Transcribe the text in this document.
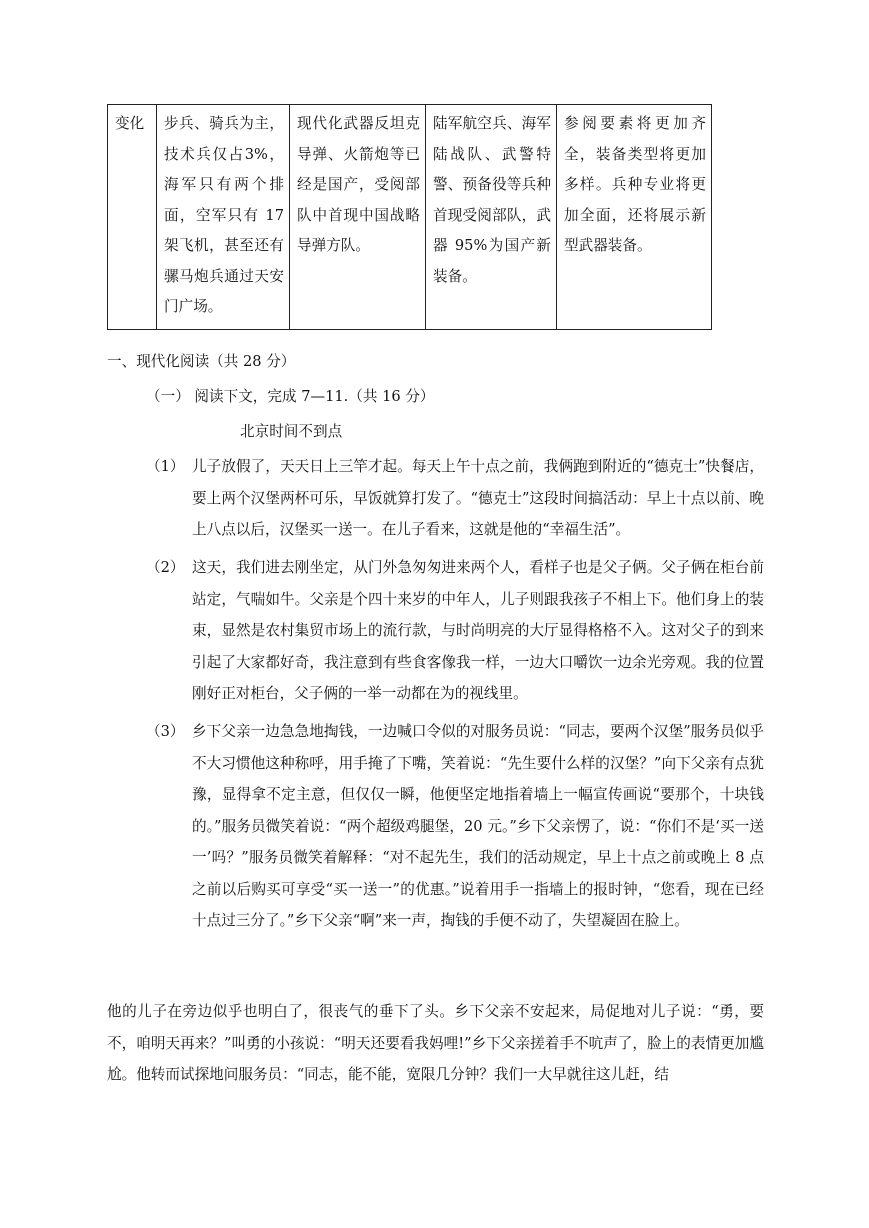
变化	步兵、骑兵为主，技术兵仅占3%，海军只有两个排面，空军只有 17 架飞机，甚至还有骡马炮兵通过天安门广场。	现代化武器反坦克导弹、火箭炮等已经是国产，受阅部队中首现中国战略导弹方队。	陆军航空兵、海军陆战队、武警特警、预备役等兵种首现受阅部队，武器 95%为国产新装备。	参阅要素将更加齐全，装备类型将更加多样。兵种专业将更加全面，还将展示新型武器装备。
一、现代化阅读（共 28 分）
（一） 阅读下文，完成 7—11.（共 16 分）
北京时间不到点
（1） 儿子放假了，天天日上三竿才起。每天上午十点之前，我俩跑到附近的“德克士”快餐店，要上两个汉堡两杯可乐，早饭就算打发了。“德克士”这段时间搞活动：早上十点以前、晚上八点以后，汉堡买一送一。在儿子看来，这就是他的“幸福生活”。
（2） 这天，我们进去刚坐定，从门外急匆匆进来两个人，看样子也是父子俩。父子俩在柜台前站定，气喘如牛。父亲是个四十来岁的中年人，儿子则跟我孩子不相上下。他们身上的装束，显然是农村集贸市场上的流行款，与时尚明亮的大厅显得格格不入。这对父子的到来引起了大家都好奇，我注意到有些食客像我一样，一边大口嚼饮一边余光旁观。我的位置刚好正对柜台，父子俩的一举一动都在为的视线里。
（3） 乡下父亲一边急急地掏钱，一边喊口令似的对服务员说：“同志，要两个汉堡”服务员似乎不大习惯他这种称呼，用手掩了下嘴，笑着说：“先生要什么样的汉堡？”向下父亲有点犹豫，显得拿不定主意，但仅仅一瞬，他便坚定地指着墙上一幅宣传画说“要那个，十块钱的。”服务员微笑着说：“两个超级鸡腿堡，20 元。”乡下父亲愣了，说：“你们不是‘买一送一’吗？”服务员微笑着解释：“对不起先生，我们的活动规定，早上十点之前或晚上 8 点之前以后购买可享受“买一送一”的优惠。”说着用手一指墙上的报时钟，“您看，现在已经十点过三分了。”乡下父亲“啊”来一声，掏钱的手便不动了，失望凝固在脸上。
他的儿子在旁边似乎也明白了，很丧气的垂下了头。乡下父亲不安起来，局促地对儿子说：“勇，要不，咱明天再来？”叫勇的小孩说：“明天还要看我妈哩!”乡下父亲搓着手不吭声了，脸上的表情更加尴尬。他转而试探地问服务员：“同志，能不能，宽限几分钟？我们一大早就往这儿赶，结
